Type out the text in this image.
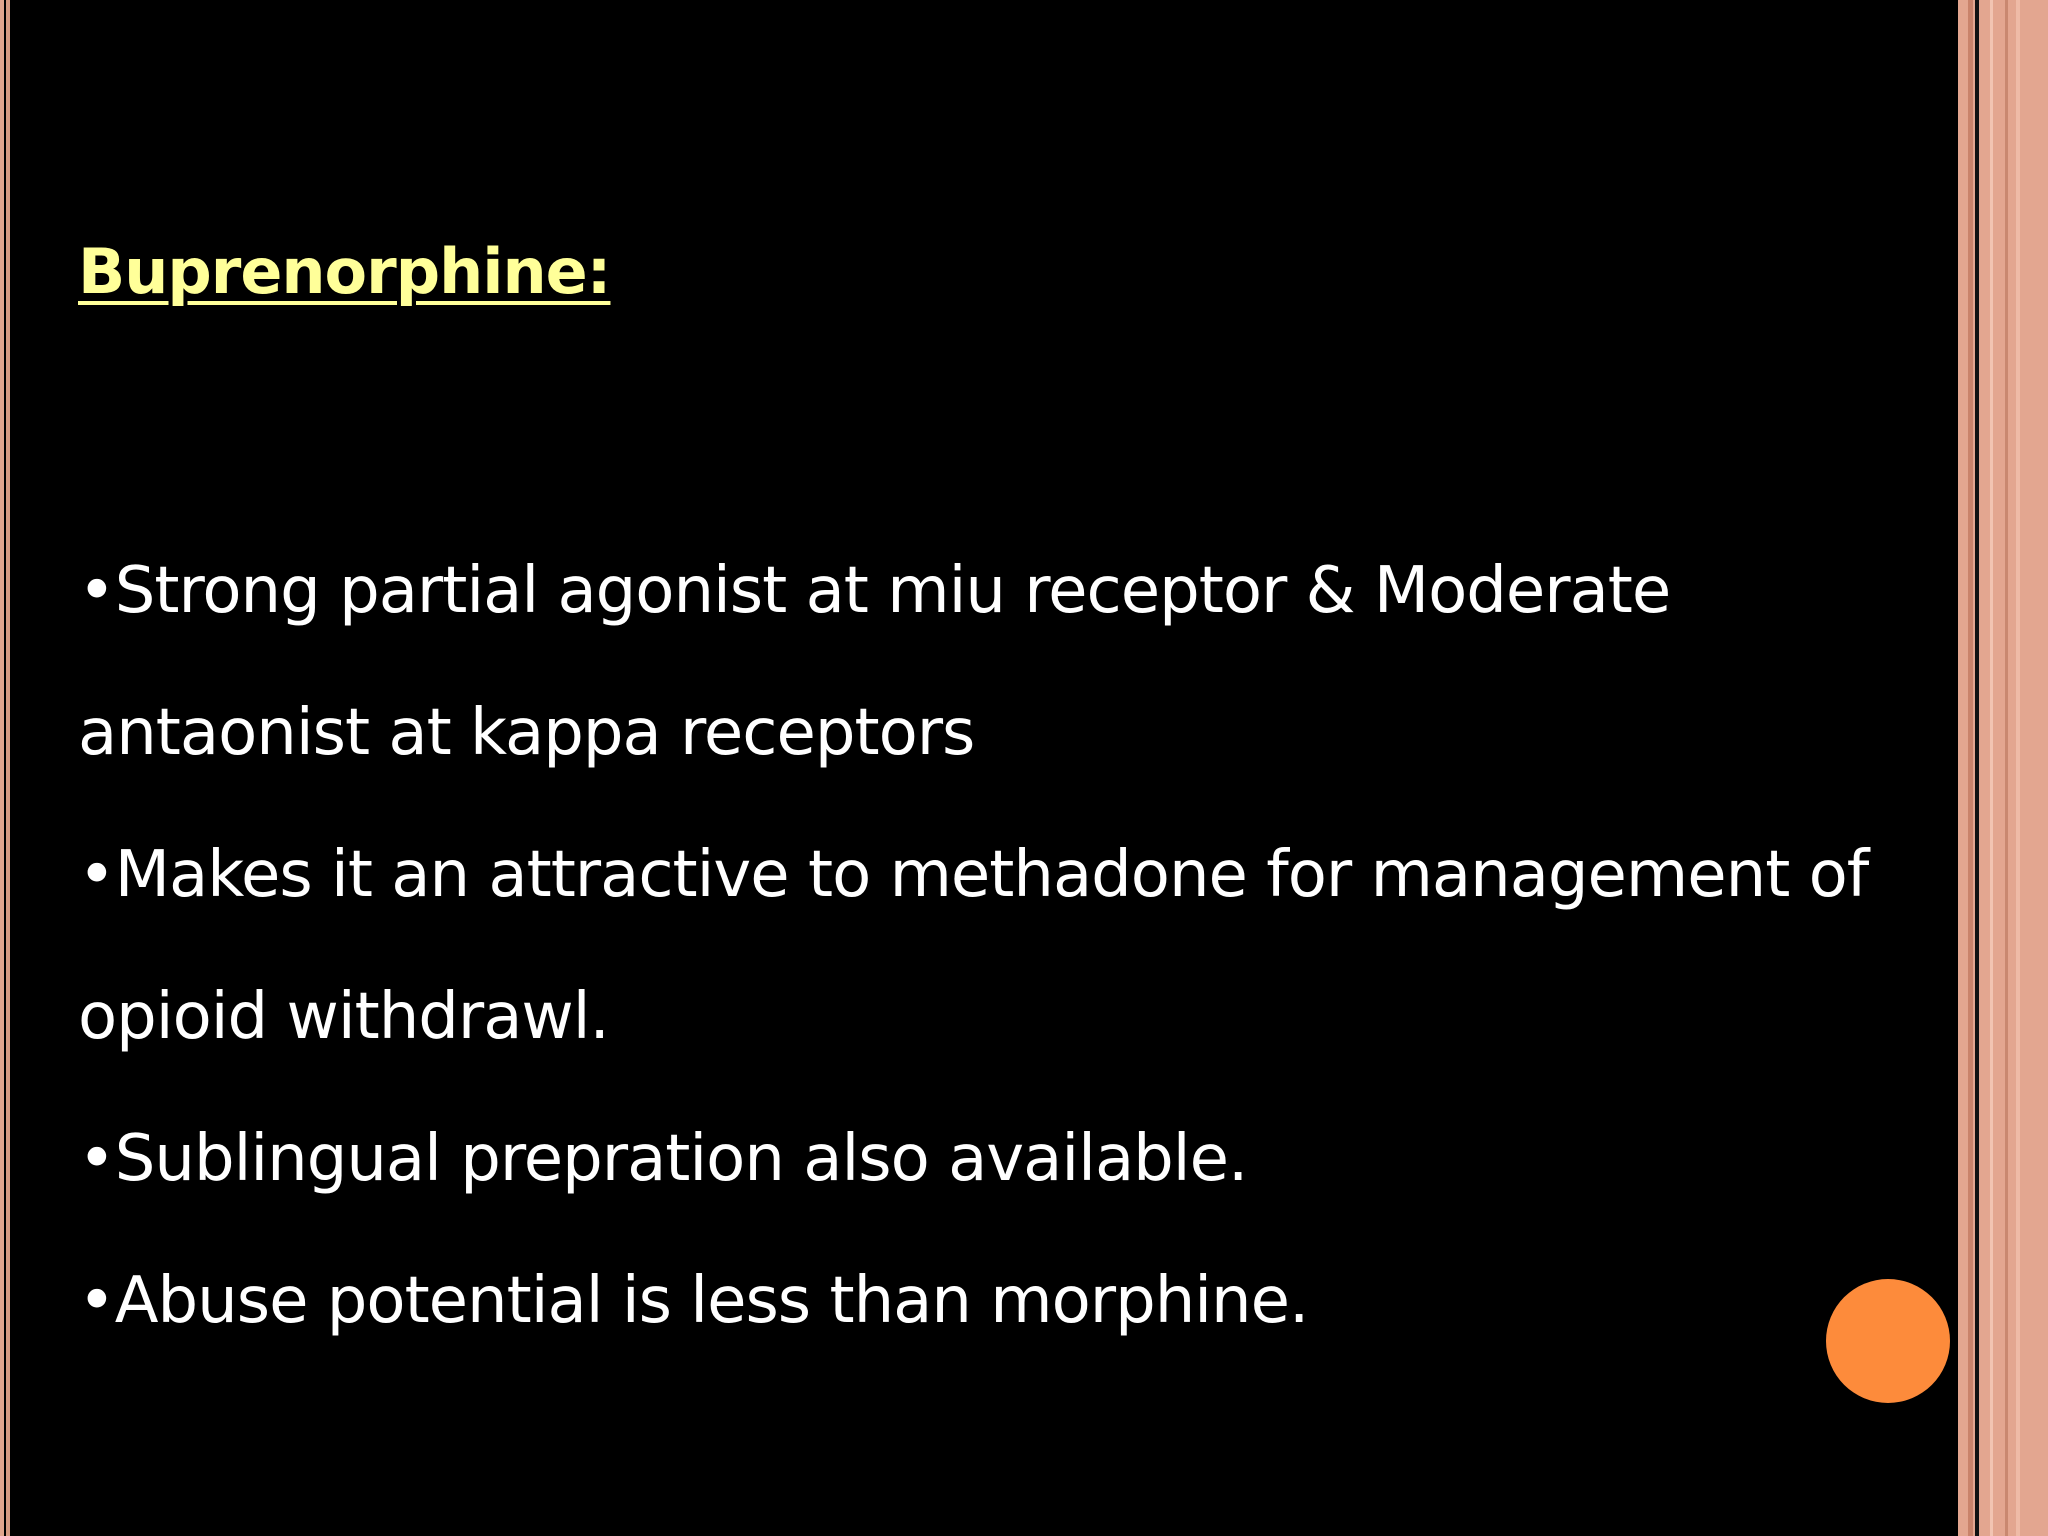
Buprenorphine:
•Strong partial agonist at miu receptor & Moderate
antaonist at kappa receptors
•Makes it an attractive to methadone for management of
opioid withdrawl.
•Sublingual prepration also available.
•Abuse potential is less than morphine.
